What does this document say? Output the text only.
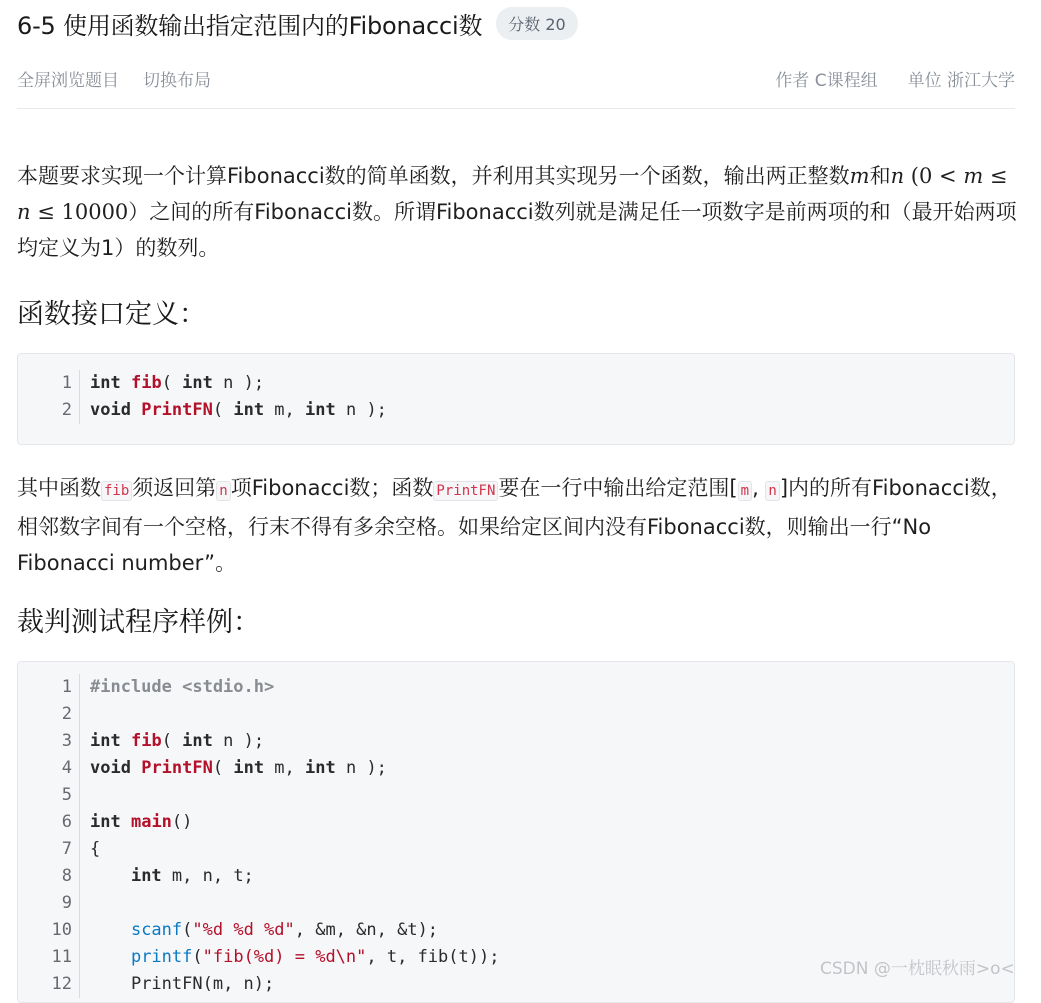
6-5 使用函数输出指定范围内的Fibonacci数	分数 20
全屏浏览题目 切换布局	作者 C课程组 单位 浙江大学
本题要求实现一个计算Fibonacci数的简单函数，并利用其实现另一个函数，输出两正整数m和n (0 < m ≤ n ≤ 10000）之间的所有Fibonacci数。所谓Fibonacci数列就是满足任一项数字是前两项的和（最开始两项均定义为1）的数列。
函数接口定义：
1	int fib( int n );
2	void PrintFN( int m, int n );
其中函数 fib 须返回第 n 项Fibonacci数；函数 PrintFN 要在一行中输出给定范围[ m , n ]内的所有Fibonacci数，相邻数字间有一个空格，行末不得有多余空格。如果给定区间内没有Fibonacci数，则输出一行“No Fibonacci number”。
裁判测试程序样例：
1	#include <stdio.h>
2
3	int fib( int n );
4	void PrintFN( int m, int n );
5
6	int main()
7	{
8	int m, n, t;
9
10	scanf("%d %d %d", &m, &n, &t);
11	printf("fib(%d) = %d\n", t, fib(t));
12	PrintFN(m, n);
CSDN @一枕眠秋雨>o<
